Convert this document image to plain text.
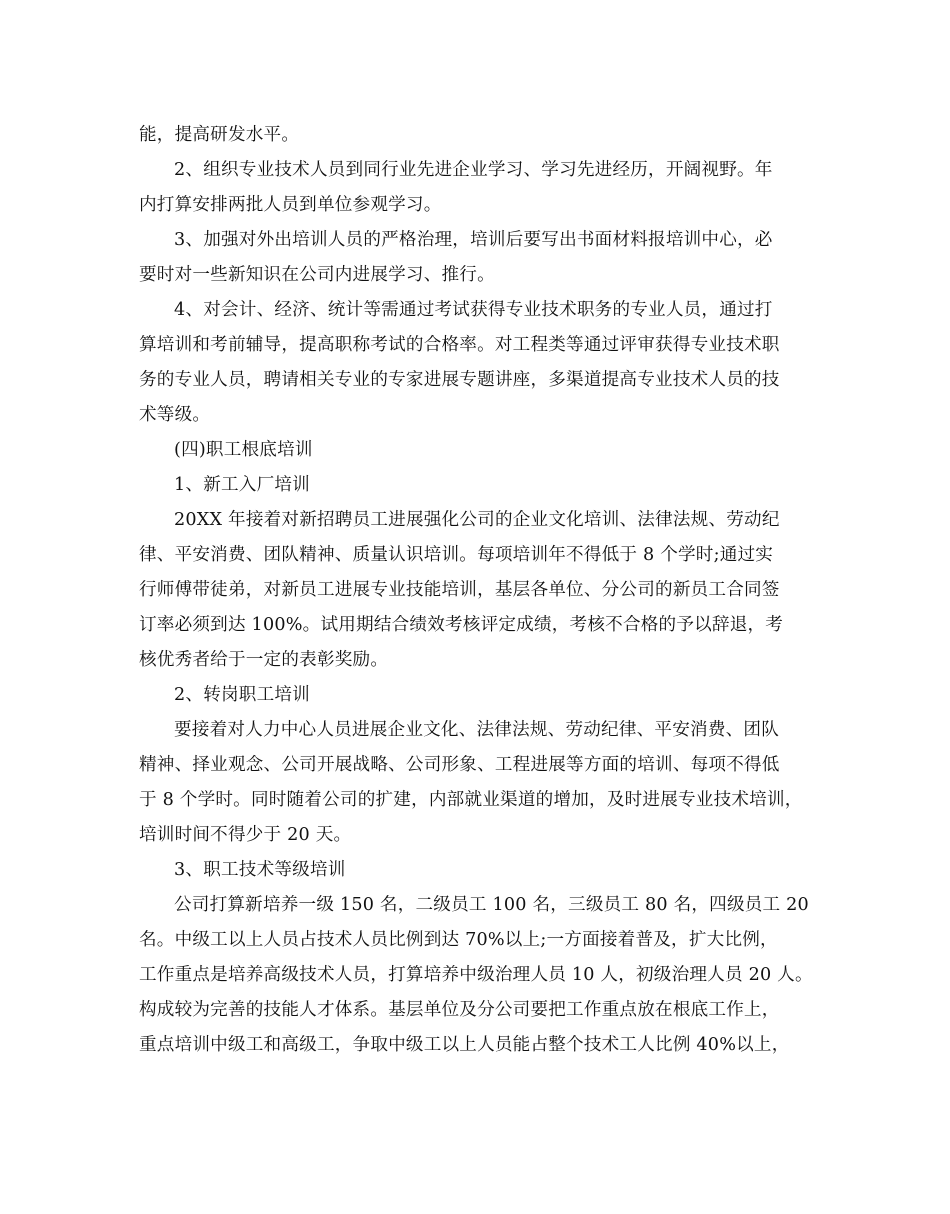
能，提高研发水平。
2、组织专业技术人员到同行业先进企业学习、学习先进经历，开阔视野。年
内打算安排两批人员到单位参观学习。
3、加强对外出培训人员的严格治理，培训后要写出书面材料报培训中心，必
要时对一些新知识在公司内进展学习、推行。
4、对会计、经济、统计等需通过考试获得专业技术职务的专业人员，通过打
算培训和考前辅导，提高职称考试的合格率。对工程类等通过评审获得专业技术职
务的专业人员，聘请相关专业的专家进展专题讲座，多渠道提高专业技术人员的技
术等级。
(四)职工根底培训
1、新工入厂培训
20XX 年接着对新招聘员工进展强化公司的企业文化培训、法律法规、劳动纪
律、平安消费、团队精神、质量认识培训。每项培训年不得低于 8 个学时;通过实
行师傅带徒弟，对新员工进展专业技能培训，基层各单位、分公司的新员工合同签
订率必须到达 100%。试用期结合绩效考核评定成绩，考核不合格的予以辞退，考
核优秀者给于一定的表彰奖励。
2、转岗职工培训
要接着对人力中心人员进展企业文化、法律法规、劳动纪律、平安消费、团队
精神、择业观念、公司开展战略、公司形象、工程进展等方面的培训、每项不得低
于 8 个学时。同时随着公司的扩建，内部就业渠道的增加，及时进展专业技术培训，
培训时间不得少于 20 天。
3、职工技术等级培训
公司打算新培养一级 150 名，二级员工 100 名，三级员工 80 名，四级员工 20
名。中级工以上人员占技术人员比例到达 70%以上;一方面接着普及，扩大比例，
工作重点是培养高级技术人员，打算培养中级治理人员 10 人，初级治理人员 20 人。
构成较为完善的技能人才体系。基层单位及分公司要把工作重点放在根底工作上，
重点培训中级工和高级工，争取中级工以上人员能占整个技术工人比例 40%以上，
